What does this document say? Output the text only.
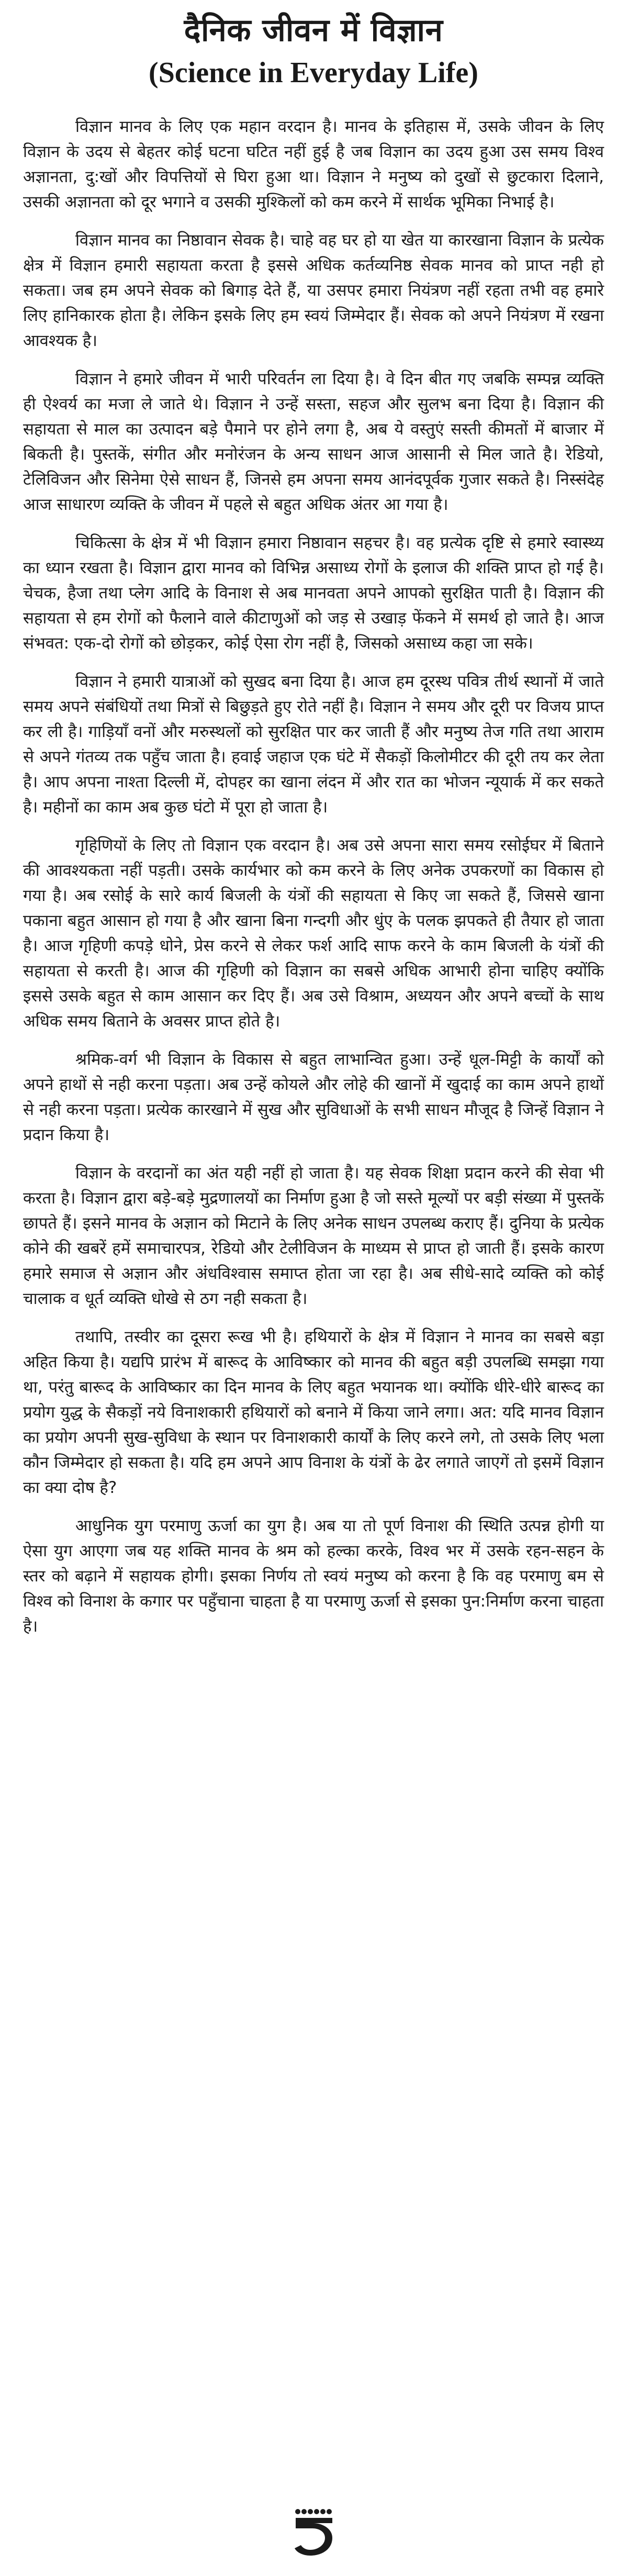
दैनिक जीवन में विज्ञान
(Science in Everyday Life)

विज्ञान मानव के लिए एक महान वरदान है। मानव के इतिहास में, उसके जीवन के लिए विज्ञान के उदय से बेहतर कोई घटना घटित नहीं हुई है जब विज्ञान का उदय हुआ उस समय विश्व अज्ञानता, दु:खों और विपत्तियों से घिरा हुआ था। विज्ञान ने मनुष्य को दुखों से छुटकारा दिलाने, उसकी अज्ञानता को दूर भगाने व उसकी मुश्किलों को कम करने में सार्थक भूमिका निभाई है।

विज्ञान मानव का निष्ठावान सेवक है। चाहे वह घर हो या खेत या कारखाना विज्ञान के प्रत्येक क्षेत्र में विज्ञान हमारी सहायता करता है इससे अधिक कर्तव्यनिष्ठ सेवक मानव को प्राप्त नही हो सकता। जब हम अपने सेवक को बिगाड़ देते हैं, या उसपर हमारा नियंत्रण नहीं रहता तभी वह हमारे लिए हानिकारक होता है। लेकिन इसके लिए हम स्वयं जिम्मेदार हैं। सेवक को अपने नियंत्रण में रखना आवश्यक है।

विज्ञान ने हमारे जीवन में भारी परिवर्तन ला दिया है। वे दिन बीत गए जबकि सम्पन्न व्यक्ति ही ऐश्वर्य का मजा ले जाते थे। विज्ञान ने उन्हें सस्ता, सहज और सुलभ बना दिया है। विज्ञान की सहायता से माल का उत्पादन बड़े पैमाने पर होने लगा है, अब ये वस्तुएं सस्ती कीमतों में बाजार में बिकती है। पुस्तकें, संगीत और मनोरंजन के अन्य साधन आज आसानी से मिल जाते है। रेडियो, टेलिविजन और सिनेमा ऐसे साधन हैं, जिनसे हम अपना समय आनंदपूर्वक गुजार सकते है। निस्संदेह आज साधारण व्यक्ति के जीवन में पहले से बहुत अधिक अंतर आ गया है।

चिकित्सा के क्षेत्र में भी विज्ञान हमारा निष्ठावान सहचर है। वह प्रत्येक दृष्टि से हमारे स्वास्थ्य का ध्यान रखता है। विज्ञान द्वारा मानव को विभिन्न असाध्य रोगों के इलाज की शक्ति प्राप्त हो गई है। चेचक, हैजा तथा प्लेग आदि के विनाश से अब मानवता अपने आपको सुरक्षित पाती है। विज्ञान की सहायता से हम रोगों को फैलाने वाले कीटाणुओं को जड़ से उखाड़ फेंकने में समर्थ हो जाते है। आज संभवत: एक-दो रोगों को छोड़कर, कोई ऐसा रोग नहीं है, जिसको असाध्य कहा जा सके।

विज्ञान ने हमारी यात्राओं को सुखद बना दिया है। आज हम दूरस्थ पवित्र तीर्थ स्थानों में जाते समय अपने संबंधियों तथा मित्रों से बिछुड़ते हुए रोते नहीं है। विज्ञान ने समय और दूरी पर विजय प्राप्त कर ली है। गाड़ियाँ वनों और मरुस्थलों को सुरक्षित पार कर जाती हैं और मनुष्य तेज गति तथा आराम से अपने गंतव्य तक पहुँच जाता है। हवाई जहाज एक घंटे में सैकड़ों किलोमीटर की दूरी तय कर लेता है। आप अपना नाश्ता दिल्ली में, दोपहर का खाना लंदन में और रात का भोजन न्यूयार्क में कर सकते है। महीनों का काम अब कुछ घंटो में पूरा हो जाता है।

गृहिणियों के लिए तो विज्ञान एक वरदान है। अब उसे अपना सारा समय रसोईघर में बिताने की आवश्यकता नहीं पड़ती। उसके कार्यभार को कम करने के लिए अनेक उपकरणों का विकास हो गया है। अब रसोई के सारे कार्य बिजली के यंत्रों की सहायता से किए जा सकते हैं, जिससे खाना पकाना बहुत आसान हो गया है और खाना बिना गन्दगी और धुंए के पलक झपकते ही तैयार हो जाता है। आज गृहिणी कपड़े धोने, प्रेस करने से लेकर फर्श आदि साफ करने के काम बिजली के यंत्रों की सहायता से करती है। आज की गृहिणी को विज्ञान का सबसे अधिक आभारी होना चाहिए क्योंकि इससे उसके बहुत से काम आसान कर दिए हैं। अब उसे विश्राम, अध्ययन और अपने बच्चों के साथ अधिक समय बिताने के अवसर प्राप्त होते है।

श्रमिक-वर्ग भी विज्ञान के विकास से बहुत लाभान्वित हुआ। उन्हें धूल-मिट्टी के कार्यों को अपने हाथों से नही करना पड़ता। अब उन्हें कोयले और लोहे की खानों में खुदाई का काम अपने हाथों से नही करना पड़ता। प्रत्येक कारखाने में सुख और सुविधाओं के सभी साधन मौजूद है जिन्हें विज्ञान ने प्रदान किया है।

विज्ञान के वरदानों का अंत यही नहीं हो जाता है। यह सेवक शिक्षा प्रदान करने की सेवा भी करता है। विज्ञान द्वारा बड़े-बड़े मुद्रणालयों का निर्माण हुआ है जो सस्ते मूल्यों पर बड़ी संख्या में पुस्तकें छापते हैं। इसने मानव के अज्ञान को मिटाने के लिए अनेक साधन उपलब्ध कराए हैं। दुनिया के प्रत्येक कोने की खबरें हमें समाचारपत्र, रेडियो और टेलीविजन के माध्यम से प्राप्त हो जाती हैं। इसके कारण हमारे समाज से अज्ञान और अंधविश्वास समाप्त होता जा रहा है। अब सीधे-सादे व्यक्ति को कोई चालाक व धूर्त व्यक्ति धोखे से ठग नही सकता है।

तथापि, तस्वीर का दूसरा रूख भी है। हथियारों के क्षेत्र में विज्ञान ने मानव का सबसे बड़ा अहित किया है। यद्यपि प्रारंभ में बारूद के आविष्कार को मानव की बहुत बड़ी उपलब्धि समझा गया था, परंतु बारूद के आविष्कार का दिन मानव के लिए बहुत भयानक था। क्योंकि धीरे-धीरे बारूद का प्रयोग युद्ध के सैकड़ों नये विनाशकारी हथियारों को बनाने में किया जाने लगा। अत: यदि मानव विज्ञान का प्रयोग अपनी सुख-सुविधा के स्थान पर विनाशकारी कार्यों के लिए करने लगे, तो उसके लिए भला कौन जिम्मेदार हो सकता है। यदि हम अपने आप विनाश के यंत्रों के ढेर लगाते जाएगें तो इसमें विज्ञान का क्या दोष है?

आधुनिक युग परमाणु ऊर्जा का युग है। अब या तो पूर्ण विनाश की स्थिति उत्पन्न होगी या ऐसा युग आएगा जब यह शक्ति मानव के श्रम को हल्का करके, विश्व भर में उसके रहन-सहन के स्तर को बढ़ाने में सहायक होगी। इसका निर्णय तो स्वयं मनुष्य को करना है कि वह परमाणु बम से विश्व को विनाश के कगार पर पहुँचाना चाहता है या परमाणु ऊर्जा से इसका पुन:निर्माण करना चाहता है।
